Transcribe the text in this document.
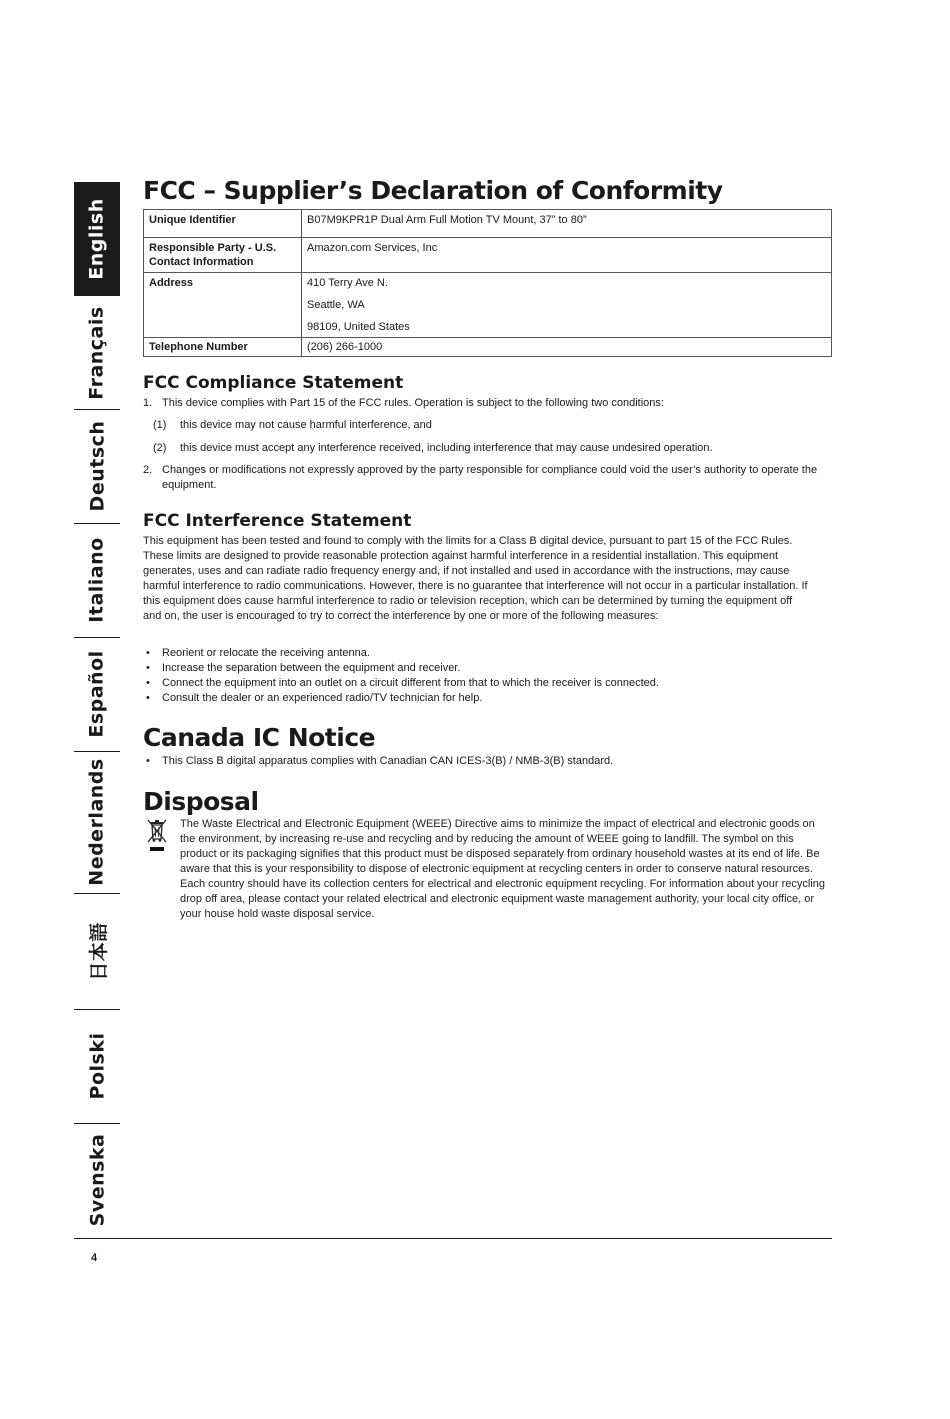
English
Français
Deutsch
Italiano
Español
Nederlands
日本語
Polski
Svenska
FCC – Supplier’s Declaration of Conformity
Unique Identifier	B07M9KPR1P Dual Arm Full Motion TV Mount, 37” to 80”

Responsible Party - U.S. Contact Information	Amazon.com Services, Inc

Address	410 Terry Ave N.

Seattle, WA

98109, United States

Telephone Number	(206) 266-1000

FCC Compliance Statement
1. This device complies with Part 15 of the FCC rules. Operation is subject to the following two conditions:
(1) this device may not cause harmful interference, and
(2) this device must accept any interference received, including interference that may cause undesired operation.
2. Changes or modifications not expressly approved by the party responsible for compliance could void the user’s authority to operate the equipment.
FCC Interference Statement

This equipment has been tested and found to comply with the limits for a Class B digital device, pursuant to part 15 of the FCC Rules. These limits are designed to provide reasonable protection against harmful interference in a residential installation. This equipment generates, uses and can radiate radio frequency energy and, if not installed and used in accordance with the instructions, may cause harmful interference to radio communications. However, there is no guarantee that interference will not occur in a particular installation. If this equipment does cause harmful interference to radio or television reception, which can be determined by turning the equipment off and on, the user is encouraged to try to correct the interference by one or more of the following measures:

• Reorient or relocate the receiving antenna.
• Increase the separation between the equipment and receiver.
• Connect the equipment into an outlet on a circuit different from that to which the receiver is connected.
• Consult the dealer or an experienced radio/TV technician for help.
Canada IC Notice
• This Class B digital apparatus complies with Canadian CAN ICES-3(B) / NMB-3(B) standard.
Disposal

The Waste Electrical and Electronic Equipment (WEEE) Directive aims to minimize the impact of electrical and electronic goods on the environment, by increasing re-use and recycling and by reducing the amount of WEEE going to landfill. The symbol on this product or its packaging signifies that this product must be disposed separately from ordinary household wastes at its end of life. Be aware that this is your responsibility to dispose of electronic equipment at recycling centers in order to conserve natural resources. Each country should have its collection centers for electrical and electronic equipment recycling. For information about your recycling drop off area, please contact your related electrical and electronic equipment waste management authority, your local city office, or your house hold waste disposal service.

4
